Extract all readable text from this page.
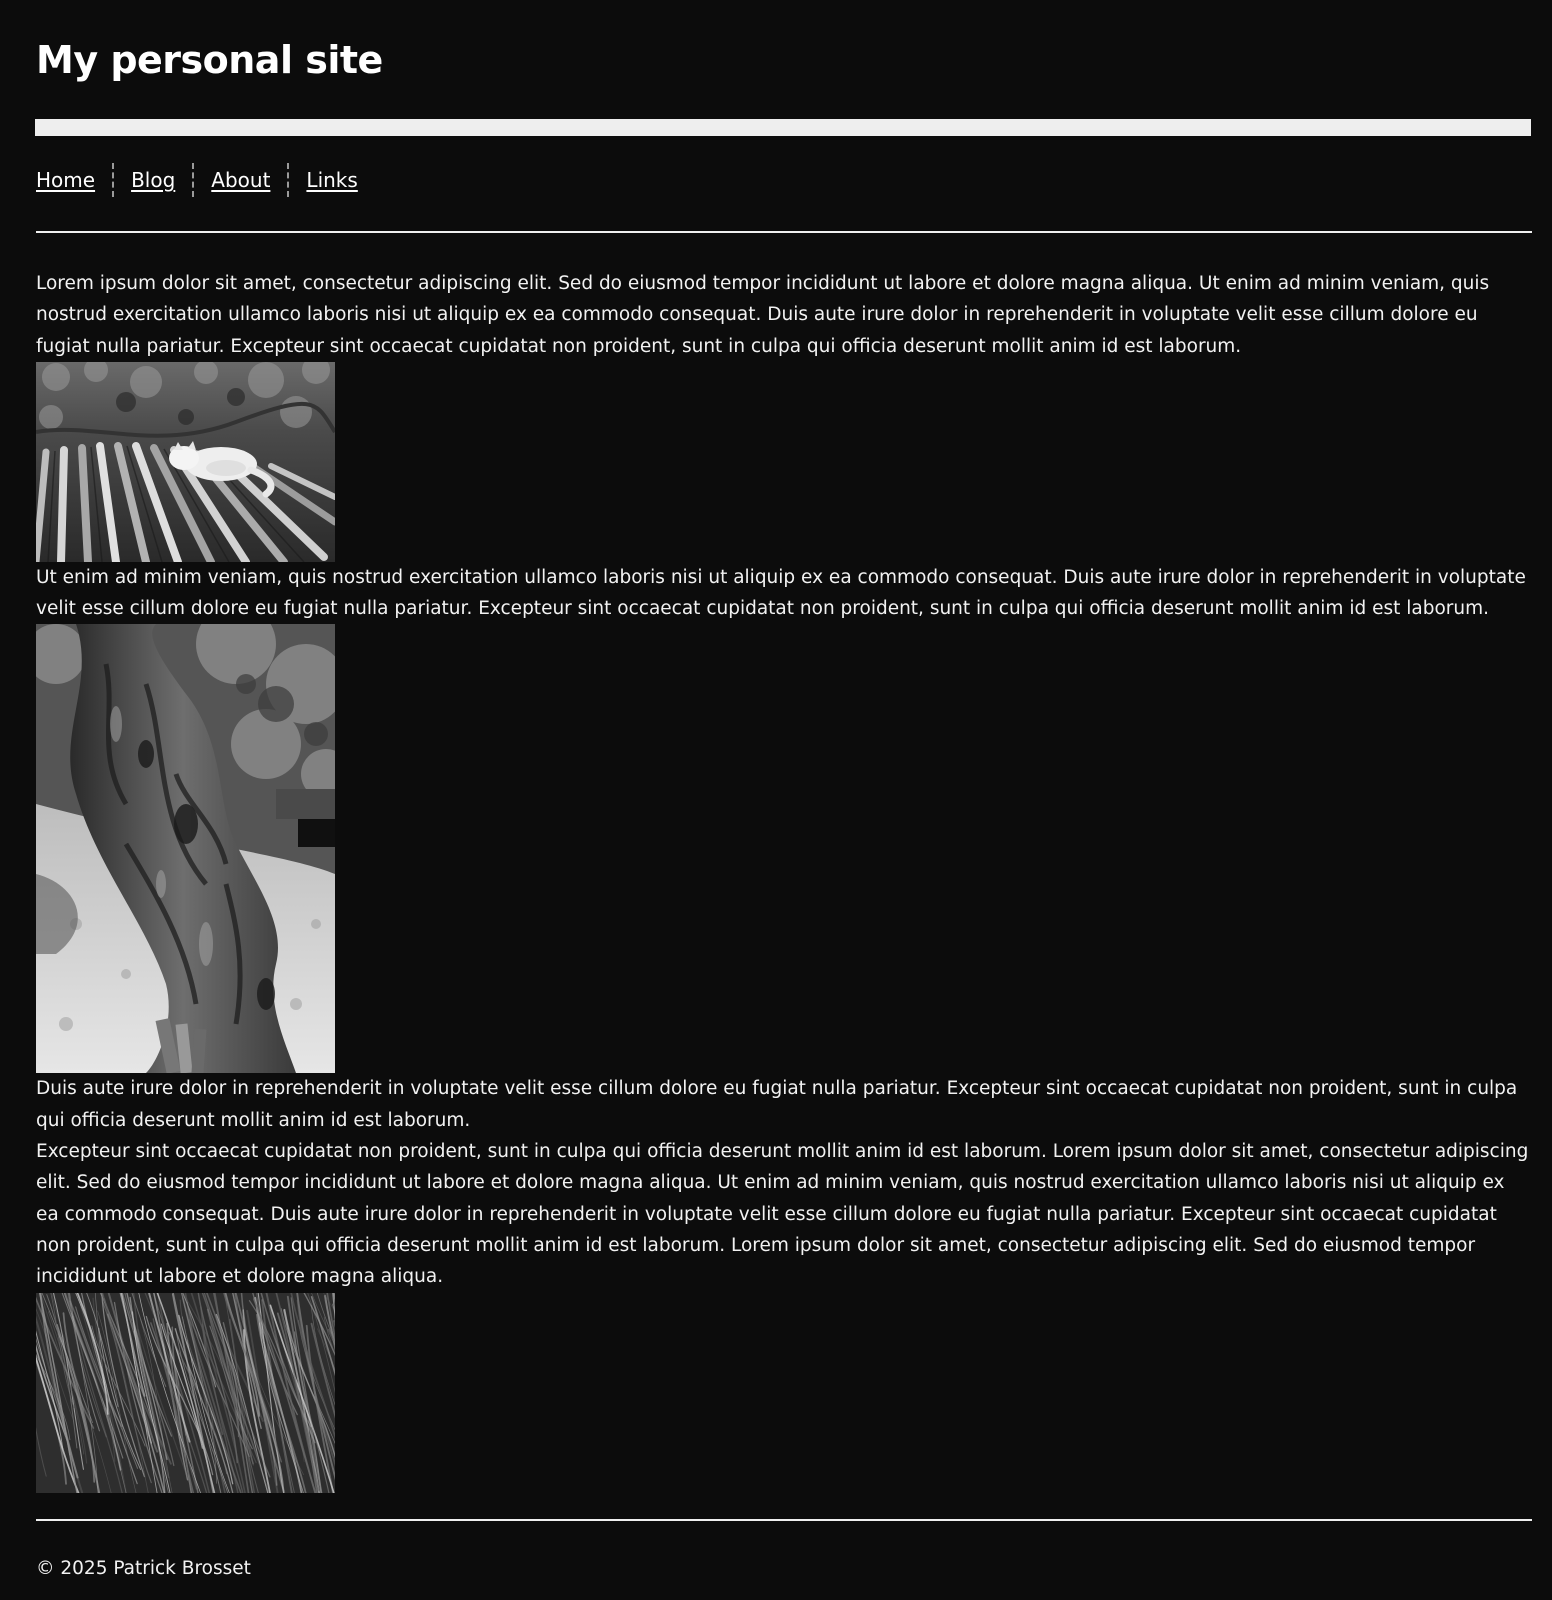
My personal site
Home	Blog	About	Links

Lorem ipsum dolor sit amet, consectetur adipiscing elit. Sed do eiusmod tempor incididunt ut labore et dolore magna aliqua. Ut enim ad minim veniam, quis nostrud exercitation ullamco laboris nisi ut aliquip ex ea commodo consequat. Duis aute irure dolor in reprehenderit in voluptate velit esse cillum dolore eu fugiat nulla pariatur. Excepteur sint occaecat cupidatat non proident, sunt in culpa qui officia deserunt mollit anim id est laborum.

Ut enim ad minim veniam, quis nostrud exercitation ullamco laboris nisi ut aliquip ex ea commodo consequat. Duis aute irure dolor in reprehenderit in voluptate velit esse cillum dolore eu fugiat nulla pariatur. Excepteur sint occaecat cupidatat non proident, sunt in culpa qui officia deserunt mollit anim id est laborum.

Duis aute irure dolor in reprehenderit in voluptate velit esse cillum dolore eu fugiat nulla pariatur. Excepteur sint occaecat cupidatat non proident, sunt in culpa qui officia deserunt mollit anim id est laborum.

Excepteur sint occaecat cupidatat non proident, sunt in culpa qui officia deserunt mollit anim id est laborum. Lorem ipsum dolor sit amet, consectetur adipiscing elit. Sed do eiusmod tempor incididunt ut labore et dolore magna aliqua. Ut enim ad minim veniam, quis nostrud exercitation ullamco laboris nisi ut aliquip ex ea commodo consequat. Duis aute irure dolor in reprehenderit in voluptate velit esse cillum dolore eu fugiat nulla pariatur. Excepteur sint occaecat cupidatat non proident, sunt in culpa qui officia deserunt mollit anim id est laborum. Lorem ipsum dolor sit amet, consectetur adipiscing elit. Sed do eiusmod tempor incididunt ut labore et dolore magna aliqua.

© 2025 Patrick Brosset
